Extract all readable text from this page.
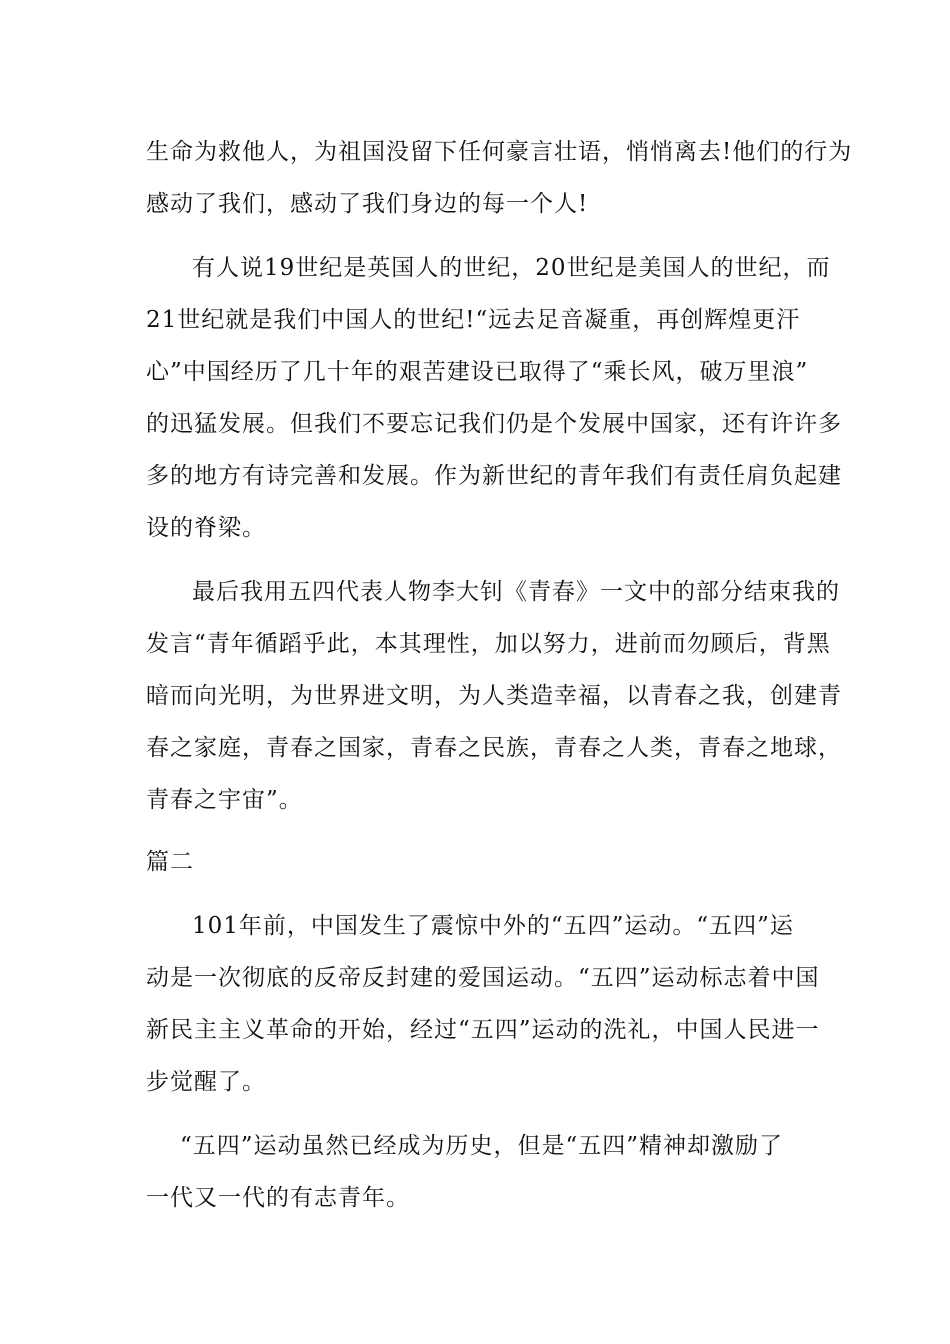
生命为救他人，为祖国没留下任何豪言壮语，悄悄离去!他们的行为
感动了我们，感动了我们身边的每一个人!

有人说19世纪是英国人的世纪，20世纪是美国人的世纪，而
21世纪就是我们中国人的世纪!“远去足音凝重，再创辉煌更汗
心”中国经历了几十年的艰苦建设已取得了“乘长风，破万里浪”
的迅猛发展。但我们不要忘记我们仍是个发展中国家，还有许许多
多的地方有诗完善和发展。作为新世纪的青年我们有责任肩负起建
设的脊梁。

最后我用五四代表人物李大钊《青春》一文中的部分结束我的
发言“青年循蹈乎此，本其理性，加以努力，进前而勿顾后，背黑
暗而向光明，为世界进文明，为人类造幸福，以青春之我，创建青
春之家庭，青春之国家，青春之民族，青春之人类，青春之地球，
青春之宇宙”。

篇二

101年前，中国发生了震惊中外的“五四”运动。“五四”运
动是一次彻底的反帝反封建的爱国运动。“五四”运动标志着中国
新民主主义革命的开始，经过“五四”运动的洗礼，中国人民进一
步觉醒了。

“五四”运动虽然已经成为历史，但是“五四”精神却激励了
一代又一代的有志青年。
